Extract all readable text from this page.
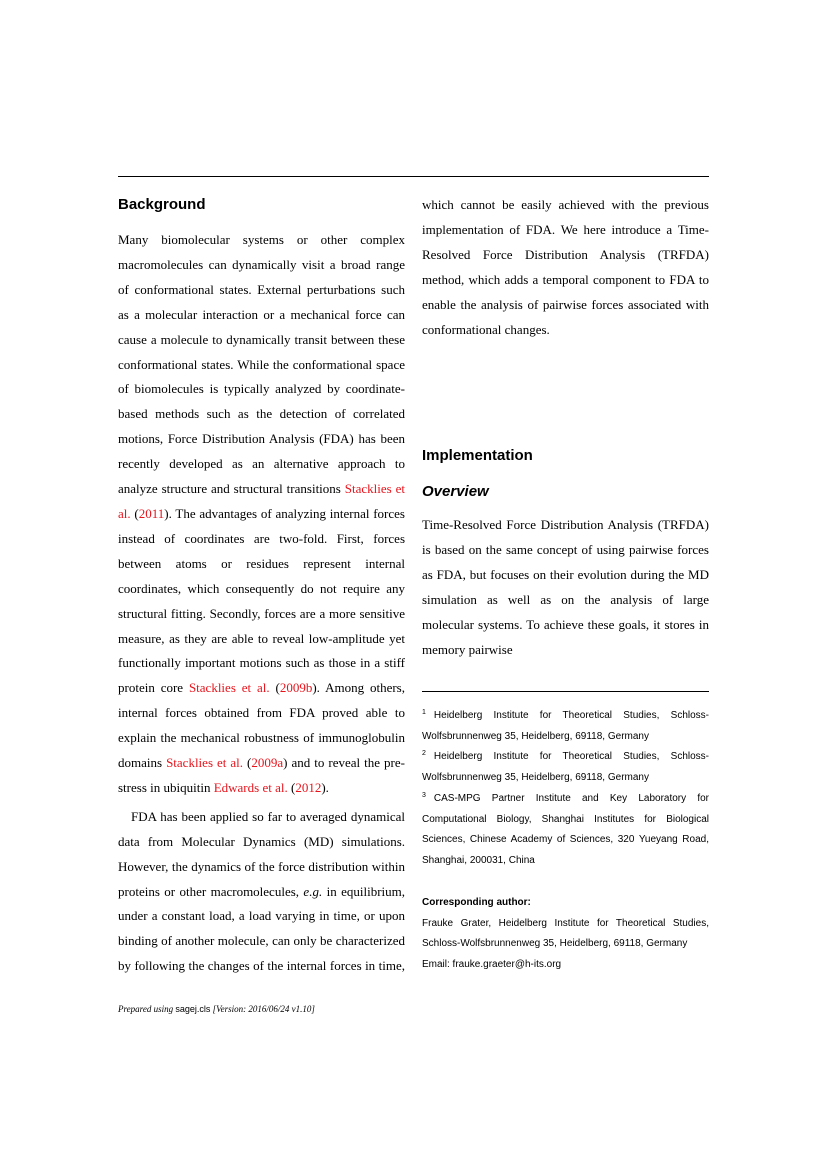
Background

Many biomolecular systems or other complex macromolecules can dynamically visit a broad range of conformational states. External perturbations such as a molecular interaction or a mechanical force can cause a molecule to dynamically transit between these conformational states. While the conformational space of biomolecules is typically analyzed by coordinate-based methods such as the detection of correlated motions, Force Distribution Analysis (FDA) has been recently developed as an alternative approach to analyze structure and structural transitions Stacklies et al. (2011). The advantages of analyzing internal forces instead of coordinates are two-fold. First, forces between atoms or residues represent internal coordinates, which consequently do not require any structural fitting. Secondly, forces are a more sensitive measure, as they are able to reveal low-amplitude yet functionally important motions such as those in a stiff protein core Stacklies et al. (2009b). Among others, internal forces obtained from FDA proved able to explain the mechanical robustness of immunoglobulin domains Stacklies et al. (2009a) and to reveal the pre-stress in ubiquitin Edwards et al. (2012).

FDA has been applied so far to averaged dynamical data from Molecular Dynamics (MD) simulations. However, the dynamics of the force distribution within proteins or other macromolecules, e.g. in equilibrium, under a constant load, a load varying in time, or upon binding of another molecule, can only be characterized by following the changes of the internal forces in time,

which cannot be easily achieved with the previous implementation of FDA. We here introduce a Time-Resolved Force Distribution Analysis (TRFDA) method, which adds a temporal component to FDA to enable the analysis of pairwise forces associated with conformational changes.

Implementation
Overview

Time-Resolved Force Distribution Analysis (TRFDA) is based on the same concept of using pairwise forces as FDA, but focuses on their evolution during the MD simulation as well as on the analysis of large molecular systems. To achieve these goals, it stores in memory pairwise

$^1$ Heidelberg Institute for Theoretical Studies, Schloss-Wolfsbrunnenweg 35, Heidelberg, 69118, Germany

$^2$ Heidelberg Institute for Theoretical Studies, Schloss-Wolfsbrunnenweg 35, Heidelberg, 69118, Germany

$^3$ CAS-MPG Partner Institute and Key Laboratory for Computational Biology, Shanghai Institutes for Biological Sciences, Chinese Academy of Sciences, 320 Yueyang Road, Shanghai, 200031, China

Corresponding author:

Frauke Grater, Heidelberg Institute for Theoretical Studies, Schloss-Wolfsbrunnenweg 35, Heidelberg, 69118, Germany

Email: frauke.graeter@h-its.org

Prepared using sagej.cls [Version: 2016/06/24 v1.10]
